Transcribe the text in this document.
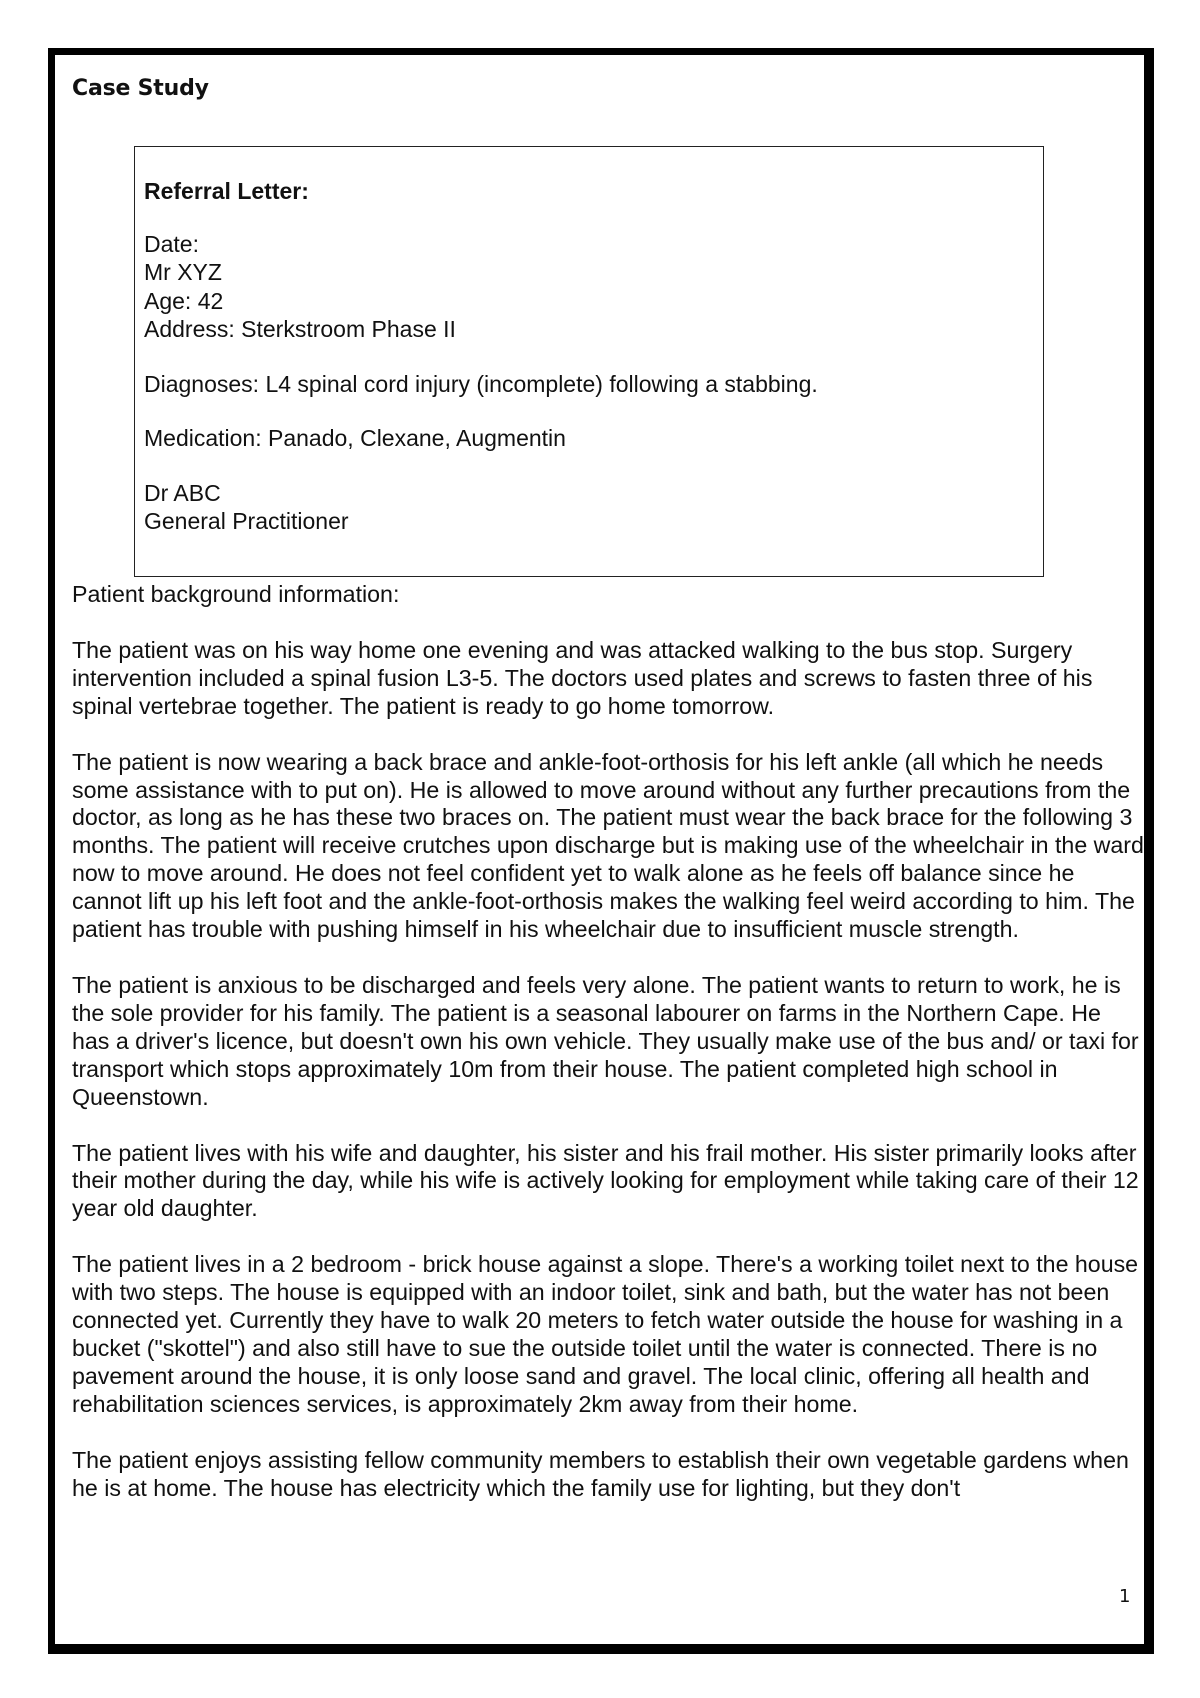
Case Study
Referral Letter:
Date:
Mr XYZ
Age: 42
Address: Sterkstroom Phase II
Diagnoses: L4 spinal cord injury (incomplete) following a stabbing.
Medication: Panado, Clexane, Augmentin
Dr ABC
General Practitioner

Patient background information:

The patient was on his way home one evening and was attacked walking to the bus stop. Surgery intervention included a spinal fusion L3-5. The doctors used plates and screws to fasten three of his spinal vertebrae together. The patient is ready to go home tomorrow.

The patient is now wearing a back brace and ankle-foot-orthosis for his left ankle (all which he needs some assistance with to put on). He is allowed to move around without any further precautions from the doctor, as long as he has these two braces on. The patient must wear the back brace for the following 3 months. The patient will receive crutches upon discharge but is making use of the wheelchair in the ward now to move around. He does not feel confident yet to walk alone as he feels off balance since he cannot lift up his left foot and the ankle-foot-orthosis makes the walking feel weird according to him. The patient has trouble with pushing himself in his wheelchair due to insufficient muscle strength.

The patient is anxious to be discharged and feels very alone. The patient wants to return to work, he is the sole provider for his family. The patient is a seasonal labourer on farms in the Northern Cape. He has a driver's licence, but doesn't own his own vehicle. They usually make use of the bus and/ or taxi for transport which stops approximately 10m from their house. The patient completed high school in Queenstown.

The patient lives with his wife and daughter, his sister and his frail mother. His sister primarily looks after their mother during the day, while his wife is actively looking for employment while taking care of their 12 year old daughter.

The patient lives in a 2 bedroom - brick house against a slope. There's a working toilet next to the house with two steps. The house is equipped with an indoor toilet, sink and bath, but the water has not been connected yet. Currently they have to walk 20 meters to fetch water outside the house for washing in a bucket ("skottel") and also still have to sue the outside toilet until the water is connected. There is no pavement around the house, it is only loose sand and gravel. The local clinic, offering all health and rehabilitation sciences services, is approximately 2km away from their home.

The patient enjoys assisting fellow community members to establish their own vegetable gardens when he is at home. The house has electricity which the family use for lighting, but they don't

1
